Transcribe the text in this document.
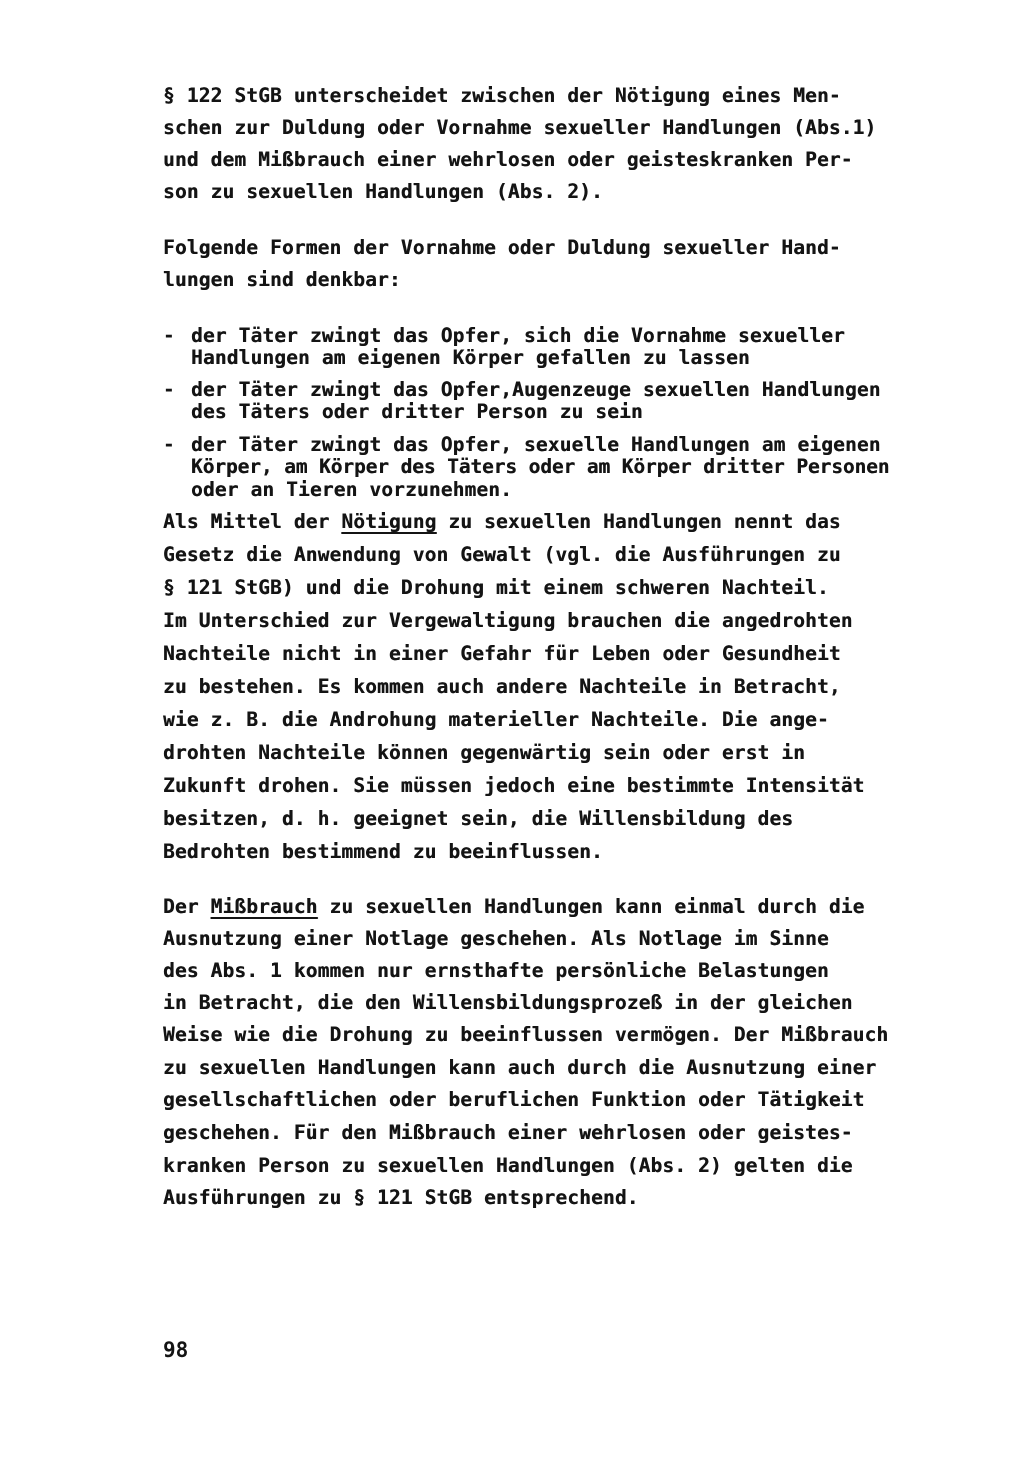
§ 122 StGB unterscheidet zwischen der Nötigung eines Men-
schen zur Duldung oder Vornahme sexueller Handlungen (Abs.1)
und dem Mißbrauch einer wehrlosen oder geisteskranken Per-
son zu sexuellen Handlungen (Abs. 2).
Folgende Formen der Vornahme oder Duldung sexueller Hand-
lungen sind denkbar:
- der Täter zwingt das Opfer, sich die Vornahme sexueller
Handlungen am eigenen Körper gefallen zu lassen
- der Täter zwingt das Opfer,Augenzeuge sexuellen Handlungen
des Täters oder dritter Person zu sein
- der Täter zwingt das Opfer, sexuelle Handlungen am eigenen
Körper, am Körper des Täters oder am Körper dritter Personen
oder an Tieren vorzunehmen.
Als Mittel der Nötigung zu sexuellen Handlungen nennt das
Gesetz die Anwendung von Gewalt (vgl. die Ausführungen zu
§ 121 StGB) und die Drohung mit einem schweren Nachteil.
Im Unterschied zur Vergewaltigung brauchen die angedrohten
Nachteile nicht in einer Gefahr für Leben oder Gesundheit
zu bestehen. Es kommen auch andere Nachteile in Betracht,
wie z. B. die Androhung materieller Nachteile. Die ange-
drohten Nachteile können gegenwärtig sein oder erst in
Zukunft drohen. Sie müssen jedoch eine bestimmte Intensität
besitzen, d. h. geeignet sein, die Willensbildung des
Bedrohten bestimmend zu beeinflussen.
Der Mißbrauch zu sexuellen Handlungen kann einmal durch die
Ausnutzung einer Notlage geschehen. Als Notlage im Sinne
des Abs. 1 kommen nur ernsthafte persönliche Belastungen
in Betracht, die den Willensbildungsprozeß in der gleichen
Weise wie die Drohung zu beeinflussen vermögen. Der Mißbrauch
zu sexuellen Handlungen kann auch durch die Ausnutzung einer
gesellschaftlichen oder beruflichen Funktion oder Tätigkeit
geschehen. Für den Mißbrauch einer wehrlosen oder geistes-
kranken Person zu sexuellen Handlungen (Abs. 2) gelten die
Ausführungen zu § 121 StGB entsprechend.
98
